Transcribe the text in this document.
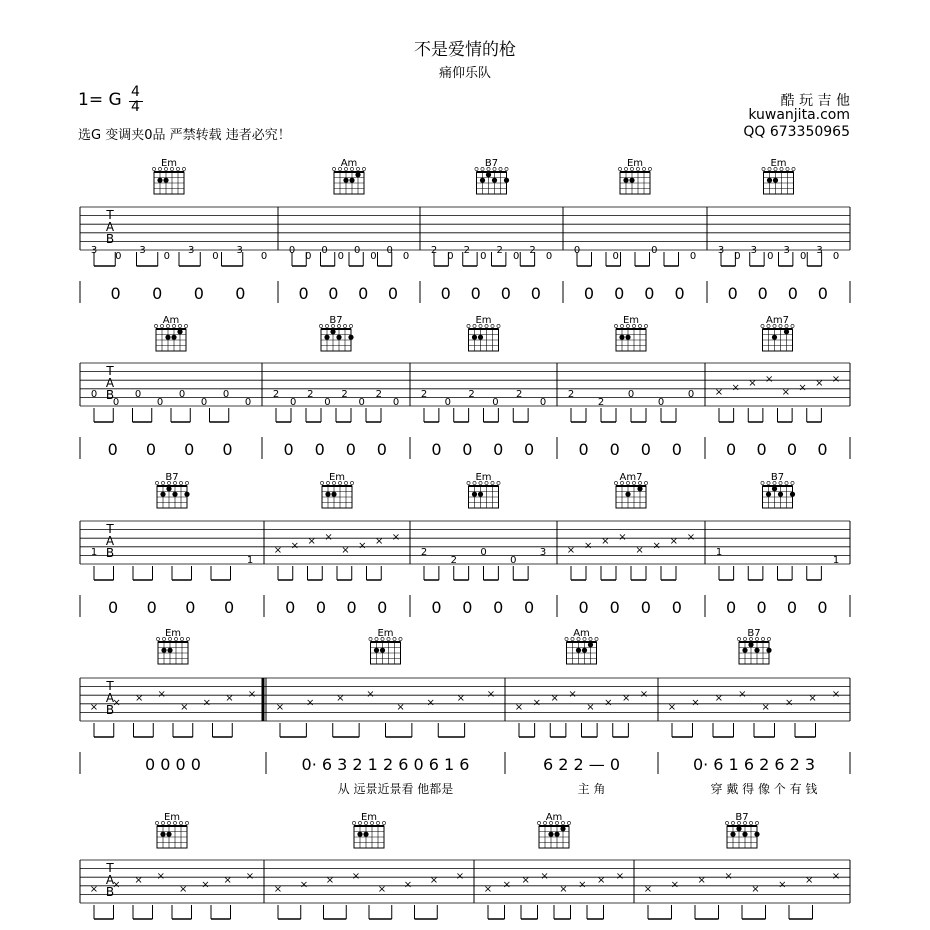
不是爱情的枪
痛仰乐队
1= G 4
4
选G 变调夹0品 严禁转载 违者必究！
酷 玩 吉 他
kuwanjita.com
QQ 673350965
T
A
B
Em
3
0
3
0
3
0
3
0
0 0 0 0
Am
0
0
0
0
0
0
0
0
0 0 0 0
B7
2
0
2
0
2
0
2
0
0 0 0 0
Em
0
0
0
0
0 0 0 0
Em
3
0
3
0
3
0
3
0
0 0 0 0
T
A
B
Am
0
0
0
0
0
0
0
0
0 0 0 0
B7
2
0
2
0
2
0
2
0
0 0 0 0
Em
2
0
2
0
2
0
0 0 0 0
Em
2
2
0
0
0
0 0 0 0
Am7
× × × ×
× × × ×
0 0 0 0
T
A
B
B7
1
1
0 0 0 0
Em
× × × ×
× × × ×
0 0 0 0
Em
2
2
0
0
3
0 0 0 0
Am7
× × × ×
× × × ×
0 0 0 0
B7
1
1
0 0 0 0
T
A
B
Em
× × × ×
× × × ×
0 0 0 0
Em
× × × ×
× × × ×
0· 6 3 2 1 2 6 0 6 1 6
从 远景近景看 他都是
Am
× × × ×
× × × ×
6 2 2 — 0
主 角
B7
× × × ×
× × × ×
0· 6 1 6 2 6 2 3
穿 戴 得 像 个 有 钱
T
A
B
Em
× × × ×
× × × ×
Em
× × × ×
× × × ×
Am
× × × ×
× × × ×
B7
× × × ×
× × × ×
